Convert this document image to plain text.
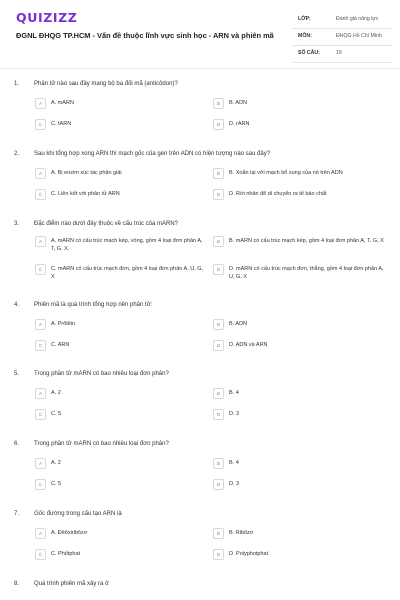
QUIZIZZ
ĐGNL ĐHQG TP.HCM - Vấn đề thuộc lĩnh vực sinh học - ARN và phiên mã
LỚP:	Đánh giá năng lực
MÔN:	ĐHQG Hồ Chí Minh
SỐ CÂU:	19
1. Phân tử nào sau đây mang bộ ba đối mã (anticôdon)?
A	A. mARN	B	B. ADN
C	C. tARN	D	D. rARN
2. Sau khi tổng hợp xong ARN thì mạch gốc của gen trên ADN có hiện tượng nào sau đây?
A	A. Bị enzim xúc tác phân giải	B	B. Xoắn lại với mạch bổ sung của nó trên ADN
C	C. Liên kết với phân tử ARN	D	D. Rời nhân để di chuyển ra tế bào chất
3. Đặc điểm nào dưới đây thuộc về cấu trúc của mARN?
A	A. mARN có cấu trúc mạch kép, vòng, gồm 4 loại đơn phân A, T, G, X.
B	B. mARN có cấu trúc mạch kép, gồm 4 loại đơn phân A, T, G, X
C	C. mARN có cấu trúc mạch đơn, gồm 4 loại đơn phân A, U, G, X
D	D. mARN có cấu trúc mạch đơn, thẳng, gồm 4 loại đơn phân A, U, G, X
4. Phiên mã là quá trình tổng hợp nên phân tử:
A	A. Prôtêin	B	B. ADN
C	C. ARN	D	D. ADN và ARN
5. Trong phân tử mARN có bao nhiêu loại đơn phân?
A	A. 2	B	B. 4
C	C. 5	D	D. 3
6. Trong phân tử mARN có bao nhiêu loại đơn phân?
A	A. 2	B	B. 4
C	C. 5	D	D. 3
7. Gốc đường trong cấu tạo ARN là
A	A. Đêôxiribôzơ	B	B. Ribôzơ
C	C. Phốtphat	D	D. Polyphotphat
8. Quá trình phiên mã xảy ra ở
